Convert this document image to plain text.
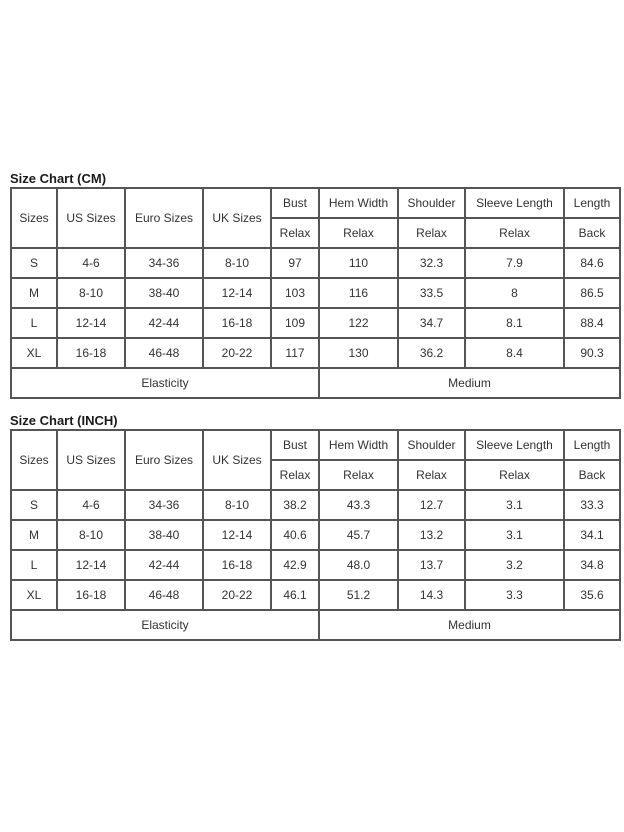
Size Chart (CM)
Sizes	US Sizes	Euro Sizes	UK Sizes	Bust	Hem Width	Shoulder	Sleeve Length	Length
				Relax	Relax	Relax	Relax	Back
S	4-6	34-36	8-10	97	110	32.3	7.9	84.6
M	8-10	38-40	12-14	103	116	33.5	8	86.5
L	12-14	42-44	16-18	109	122	34.7	8.1	88.4
XL	16-18	46-48	20-22	117	130	36.2	8.4	90.3
Elasticity					Medium			
Size Chart (INCH)
Sizes	US Sizes	Euro Sizes	UK Sizes	Bust	Hem Width	Shoulder	Sleeve Length	Length
				Relax	Relax	Relax	Relax	Back
S	4-6	34-36	8-10	38.2	43.3	12.7	3.1	33.3
M	8-10	38-40	12-14	40.6	45.7	13.2	3.1	34.1
L	12-14	42-44	16-18	42.9	48.0	13.7	3.2	34.8
XL	16-18	46-48	20-22	46.1	51.2	14.3	3.3	35.6
Elasticity					Medium			
